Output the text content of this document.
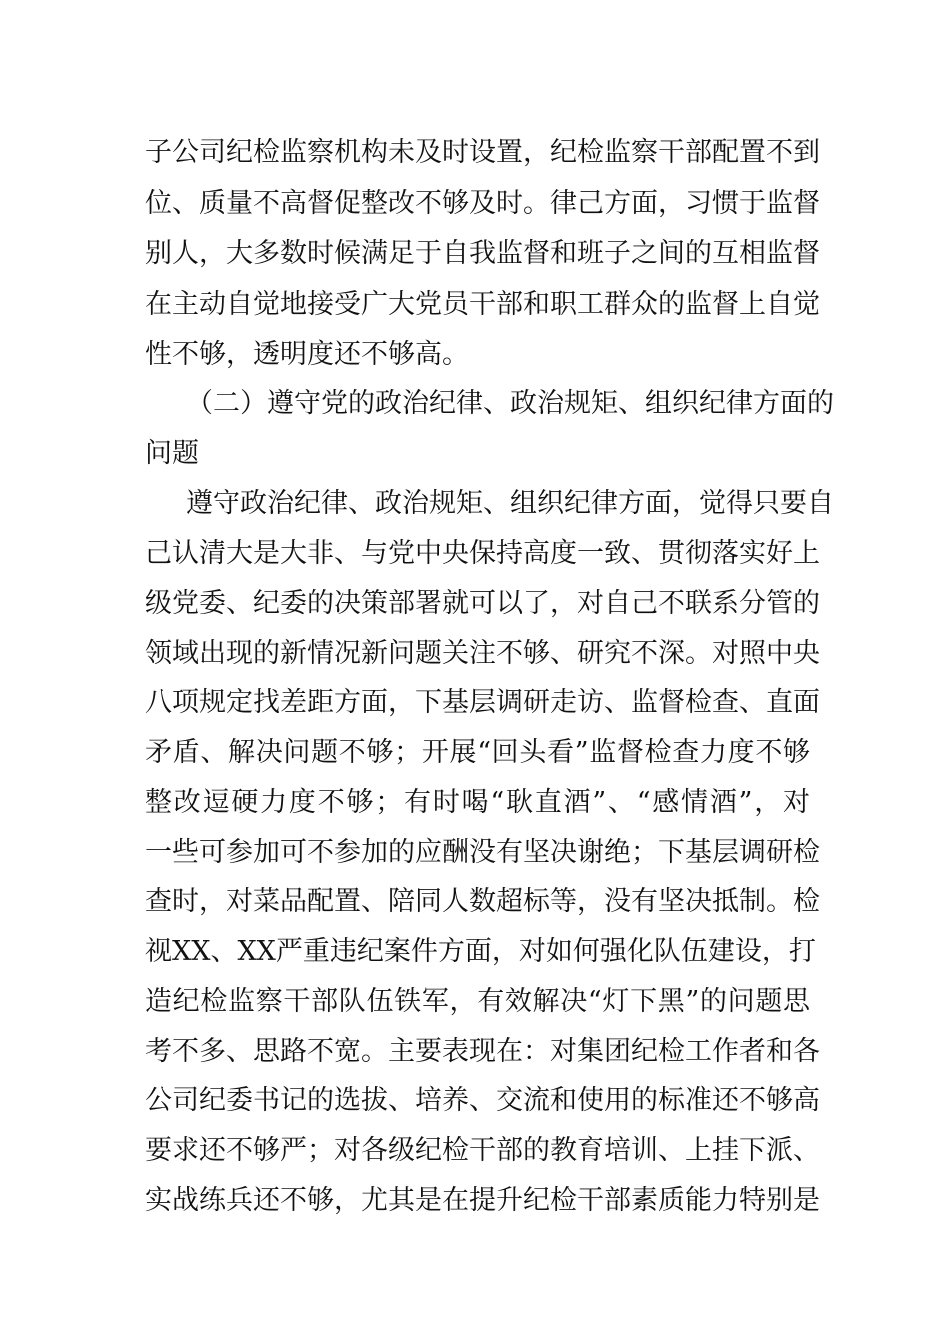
子公司纪检监察机构未及时设置，纪检监察干部配置不到
位、质量不高督促整改不够及时。律己方面，习惯于监督
别人，大多数时候满足于自我监督和班子之间的互相监督
在主动自觉地接受广大党员干部和职工群众的监督上自觉
性不够，透明度还不够高。
（二）遵守党的政治纪律、政治规矩、组织纪律方面的
问题
遵守政治纪律、政治规矩、组织纪律方面，觉得只要自
己认清大是大非、与党中央保持高度一致、贯彻落实好上
级党委、纪委的决策部署就可以了，对自己不联系分管的
领域出现的新情况新问题关注不够、研究不深。对照中央
八项规定找差距方面，下基层调研走访、监督检查、直面
矛盾、解决问题不够；开展“回头看”监督检查力度不够
整改逗硬力度不够；有时喝“耿直酒”、“感情酒”，对
一些可参加可不参加的应酬没有坚决谢绝；下基层调研检
查时，对菜品配置、陪同人数超标等，没有坚决抵制。检
视XX、XX严重违纪案件方面，对如何强化队伍建设，打
造纪检监察干部队伍铁军，有效解决“灯下黑”的问题思
考不多、思路不宽。主要表现在：对集团纪检工作者和各
公司纪委书记的选拔、培养、交流和使用的标准还不够高
要求还不够严；对各级纪检干部的教育培训、上挂下派、
实战练兵还不够，尤其是在提升纪检干部素质能力特别是
